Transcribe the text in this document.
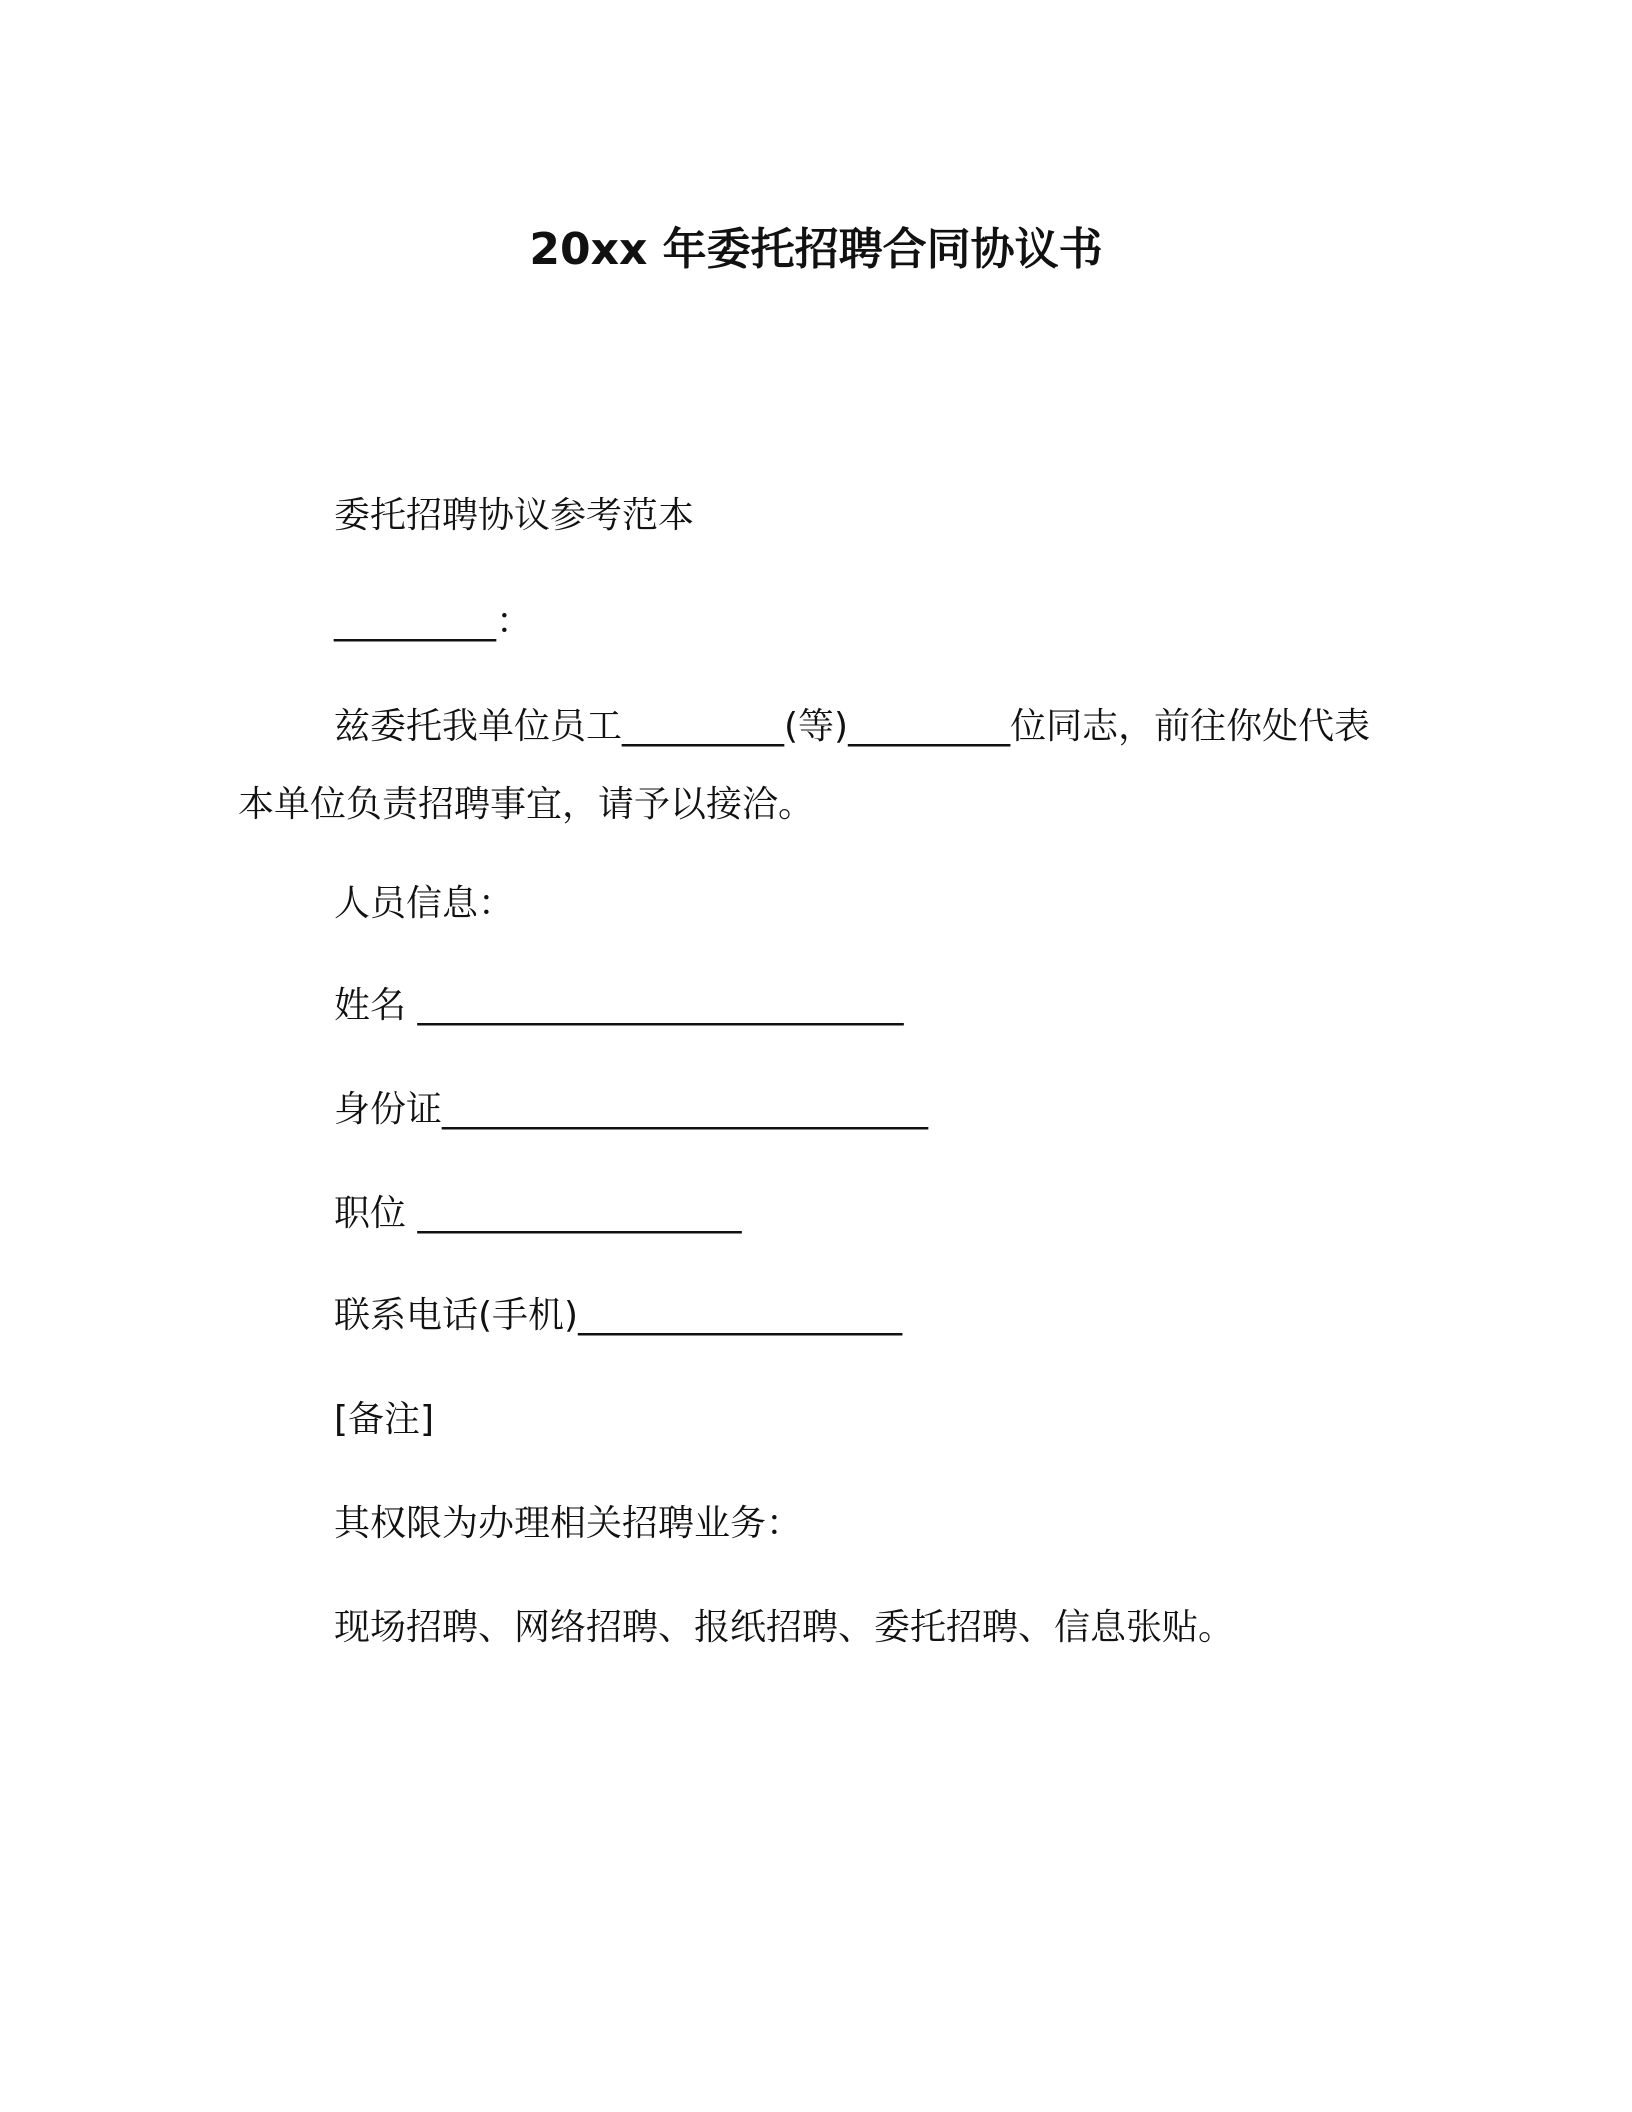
20xx 年委托招聘合同协议书
委托招聘协议参考范本
_________：
兹委托我单位员工_________(等)_________位同志，前往你处代表本单位负责招聘事宜，请予以接洽。
人员信息：
姓名 ___________________________
身份证___________________________
职位 __________________
联系电话(手机)__________________
[备注]
其权限为办理相关招聘业务：
现场招聘、网络招聘、报纸招聘、委托招聘、信息张贴。
